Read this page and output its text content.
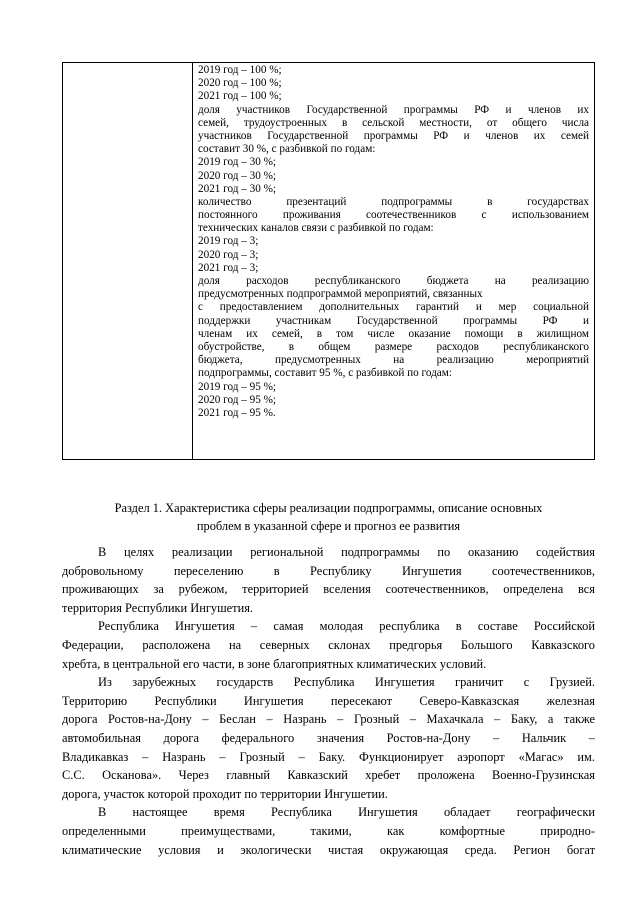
2019 год – 100 %;
2020 год – 100 %;
2021 год – 100 %;
доля участников Государственной программы РФ и членов их
семей, трудоустроенных в сельской местности, от общего числа
участников Государственной программы РФ и членов их семей
составит 30 %, с разбивкой по годам:
2019 год – 30 %;
2020 год – 30 %;
2021 год – 30 %;
количество презентаций подпрограммы в государствах
постоянного проживания соотечественников с использованием
технических каналов связи с разбивкой по годам:
2019 год – 3;
2020 год – 3;
2021 год – 3;
доля расходов республиканского бюджета на реализацию
предусмотренных подпрограммой мероприятий, связанных
с предоставлением дополнительных гарантий и мер социальной
поддержки участникам Государственной программы РФ и
членам их семей, в том числе оказание помощи в жилищном
обустройстве, в общем размере расходов республиканского
бюджета, предусмотренных на реализацию мероприятий
подпрограммы, составит 95 %, с разбивкой по годам:
2019 год – 95 %;
2020 год – 95 %;
2021 год – 95 %.
Раздел 1. Характеристика сферы реализации подпрограммы, описание основных
проблем в указанной сфере и прогноз ее развития
В целях реализации региональной подпрограммы по оказанию содействия
добровольному переселению в Республику Ингушетия соотечественников,
проживающих за рубежом, территорией вселения соотечественников, определена вся
территория Республики Ингушетия.
Республика Ингушетия – самая молодая республика в составе Российской
Федерации, расположена на северных склонах предгорья Большого Кавказского
хребта, в центральной его части, в зоне благоприятных климатических условий.
Из зарубежных государств Республика Ингушетия граничит с Грузией.
Территорию Республики Ингушетия пересекают Северо-Кавказская железная
дорога Ростов-на-Дону – Беслан – Назрань – Грозный – Махачкала – Баку, а также
автомобильная дорога федерального значения Ростов-на-Дону – Нальчик –
Владикавказ – Назрань – Грозный – Баку. Функционирует аэропорт «Магас» им.
С.С. Осканова». Через главный Кавказский хребет проложена Военно-Грузинская
дорога, участок которой проходит по территории Ингушетии.
В настоящее время Республика Ингушетия обладает географически
определенными преимуществами, такими, как комфортные природно-
климатические условия и экологически чистая окружающая среда. Регион богат
